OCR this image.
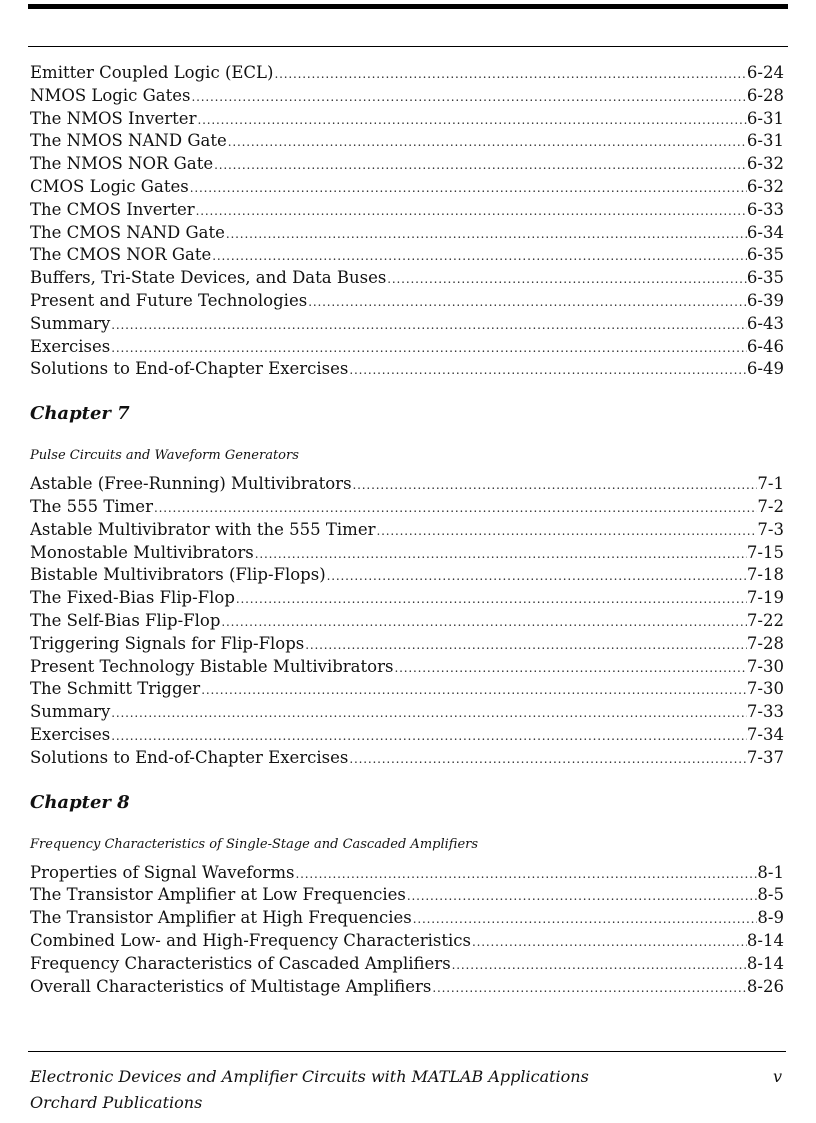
Emitter Coupled Logic (ECL) . . .	6-24
NMOS Logic Gates . . .	6-28
The NMOS Inverter . . .	6-31
The NMOS NAND Gate . . .	6-31
The NMOS NOR Gate . . .	6-32
CMOS Logic Gates . . .	6-32
The CMOS Inverter . . .	6-33
The CMOS NAND Gate . . .	6-34
The CMOS NOR Gate . . .	6-35
Buffers, Tri-State Devices, and Data Buses . . .	6-35
Present and Future Technologies . . .	6-39
Summary . . .	6-43
Exercises . . .	6-46
Solutions to End-of-Chapter Exercises . . .	6-49
Chapter 7

Pulse Circuits and Waveform Generators

Astable (Free-Running) Multivibrators . . .	7-1
The 555 Timer . . .	7-2
Astable Multivibrator with the 555 Timer . . .	7-3
Monostable Multivibrators . . .	7-15
Bistable Multivibrators (Flip-Flops) . . .	7-18
The Fixed-Bias Flip-Flop . . .	7-19
The Self-Bias Flip-Flop . . .	7-22
Triggering Signals for Flip-Flops . . .	7-28
Present Technology Bistable Multivibrators . . .	7-30
The Schmitt Trigger . . .	7-30
Summary . . .	7-33
Exercises . . .	7-34
Solutions to End-of-Chapter Exercises . . .	7-37
Chapter 8

Frequency Characteristics of Single-Stage and Cascaded Amplifiers

Properties of Signal Waveforms . . .	8-1
The Transistor Amplifier at Low Frequencies . . .	8-5
The Transistor Amplifier at High Frequencies . . .	8-9
Combined Low- and High-Frequency Characteristics . . .	8-14
Frequency Characteristics of Cascaded Amplifiers . . .	8-14
Overall Characteristics of Multistage Amplifiers . . .	8-26
Electronic Devices and Amplifier Circuits with MATLAB Applications	v
Orchard Publications
